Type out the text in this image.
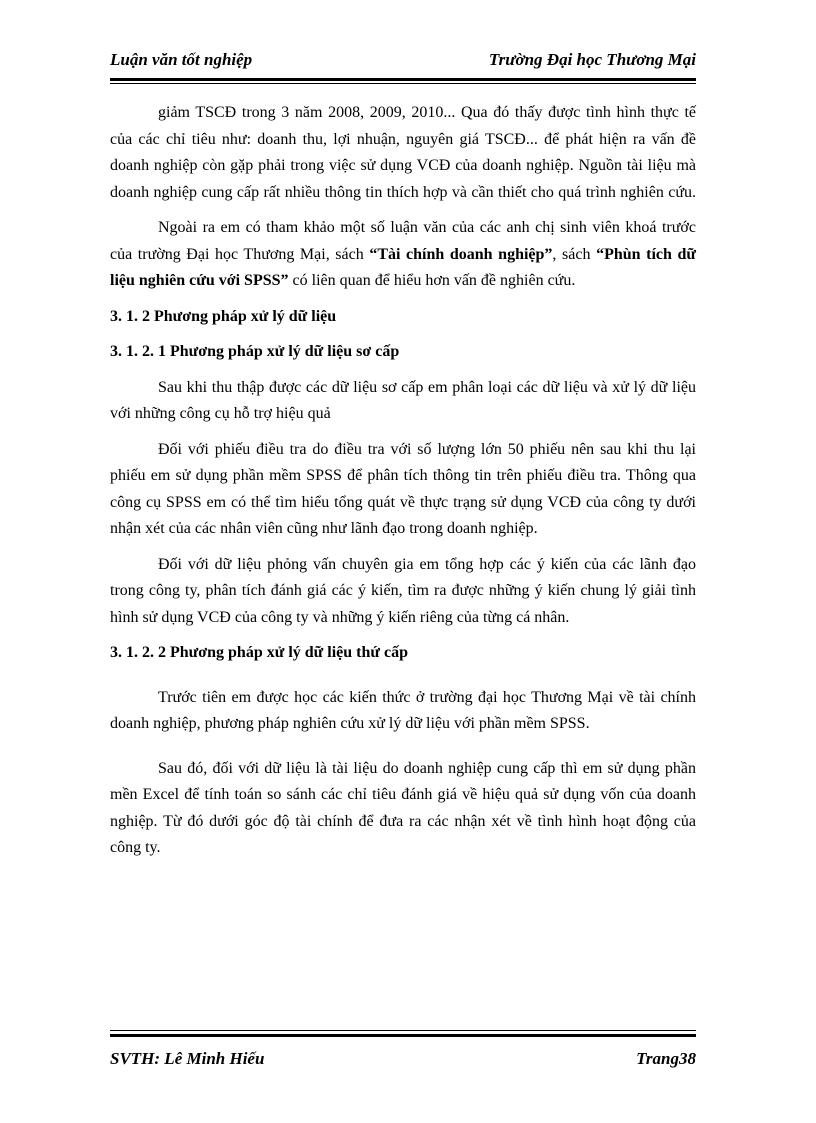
Luận văn tốt nghiệp	Trường Đại học Thương Mại

giảm TSCĐ trong 3 năm 2008, 2009, 2010... Qua đó thấy được tình hình thực tế của các chỉ tiêu như: doanh thu, lợi nhuận, nguyên giá TSCĐ... để phát hiện ra vấn đề doanh nghiệp còn gặp phải trong việc sử dụng VCĐ của doanh nghiệp. Nguồn tài liệu mà doanh nghiệp cung cấp rất nhiều thông tin thích hợp và cần thiết cho quá trình nghiên cứu.

Ngoài ra em có tham khảo một số luận văn của các anh chị sinh viên khoá trước của trường Đại học Thương Mại, sách “Tài chính doanh nghiệp”, sách “Phùn tích dữ liệu nghiên cứu với SPSS” có liên quan để hiểu hơn vấn đề nghiên cứu.

3. 1. 2 Phương pháp xử lý dữ liệu

3. 1. 2. 1 Phương pháp xử lý dữ liệu sơ cấp

Sau khi thu thập được các dữ liệu sơ cấp em phân loại các dữ liệu và xử lý dữ liệu với những công cụ hỗ trợ hiệu quả

Đối với phiếu điều tra do điều tra với số lượng lớn 50 phiếu nên sau khi thu lại phiếu em sử dụng phần mềm SPSS để phân tích thông tin trên phiếu điều tra. Thông qua công cụ SPSS em có thể tìm hiểu tổng quát về thực trạng sử dụng VCĐ của công ty dưới nhận xét của các nhân viên cũng như lãnh đạo trong doanh nghiệp.

Đối với dữ liệu phỏng vấn chuyên gia em tổng hợp các ý kiến của các lãnh đạo trong công ty, phân tích đánh giá các ý kiến, tìm ra được những ý kiến chung lý giải tình hình sử dụng VCĐ của công ty và những ý kiến riêng của từng cá nhân.

3. 1. 2. 2 Phương pháp xử lý dữ liệu thứ cấp

Trước tiên em được học các kiến thức ở trường đại học Thương Mại về tài chính doanh nghiệp, phương pháp nghiên cứu xử lý dữ liệu với phần mềm SPSS.

Sau đó, đối với dữ liệu là tài liệu do doanh nghiệp cung cấp thì em sử dụng phần mền Excel để tính toán so sánh các chỉ tiêu đánh giá về hiệu quả sử dụng vốn của doanh nghiệp. Từ đó dưới góc độ tài chính để đưa ra các nhận xét về tình hình hoạt động của công ty.

SVTH: Lê Minh Hiếu	Trang38
